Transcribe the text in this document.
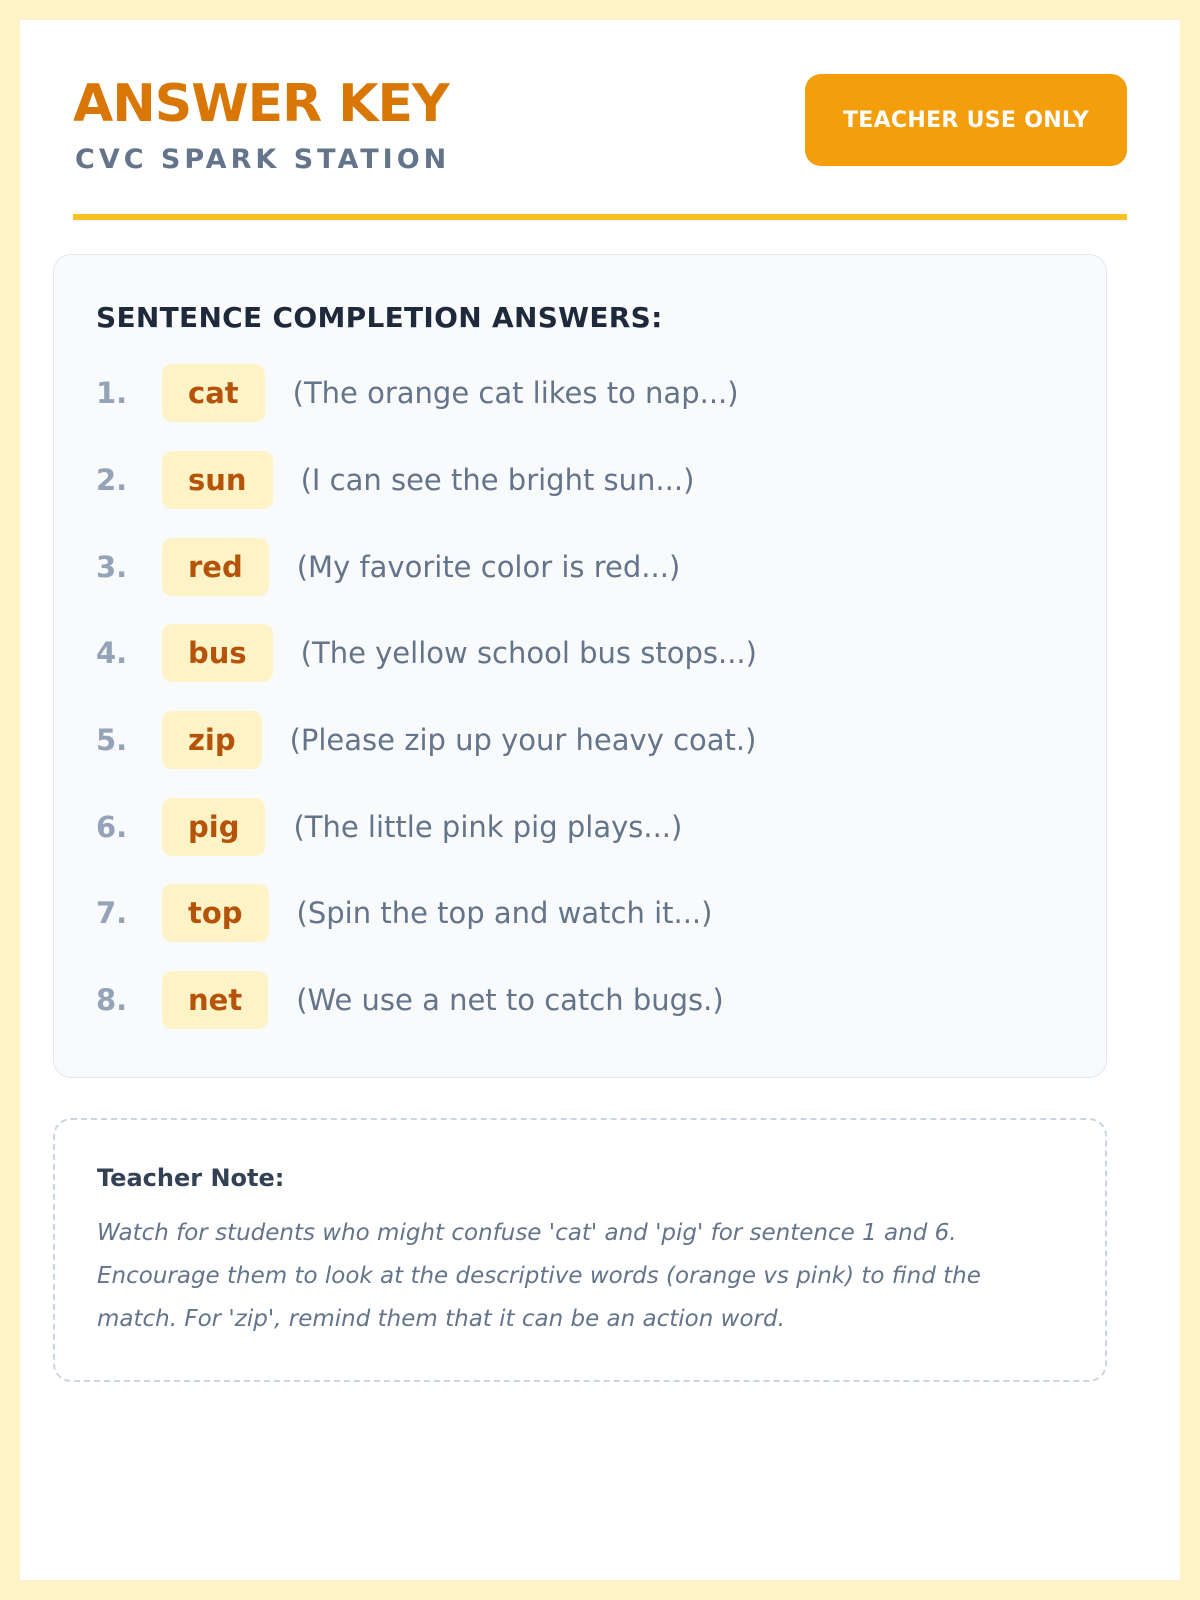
ANSWER KEY
CVC SPARK STATION
TEACHER USE ONLY
SENTENCE COMPLETION ANSWERS:
1.	cat	(The orange cat likes to nap...)
2.	sun	(I can see the bright sun...)
3.	red	(My favorite color is red...)
4.	bus	(The yellow school bus stops...)
5.	zip	(Please zip up your heavy coat.)
6.	pig	(The little pink pig plays...)
7.	top	(Spin the top and watch it...)
8.	net	(We use a net to catch bugs.)
Teacher Note:
Watch for students who might confuse 'cat' and 'pig' for sentence 1 and 6. Encourage them to look at the descriptive words (orange vs pink) to find the match. For 'zip', remind them that it can be an action word.
